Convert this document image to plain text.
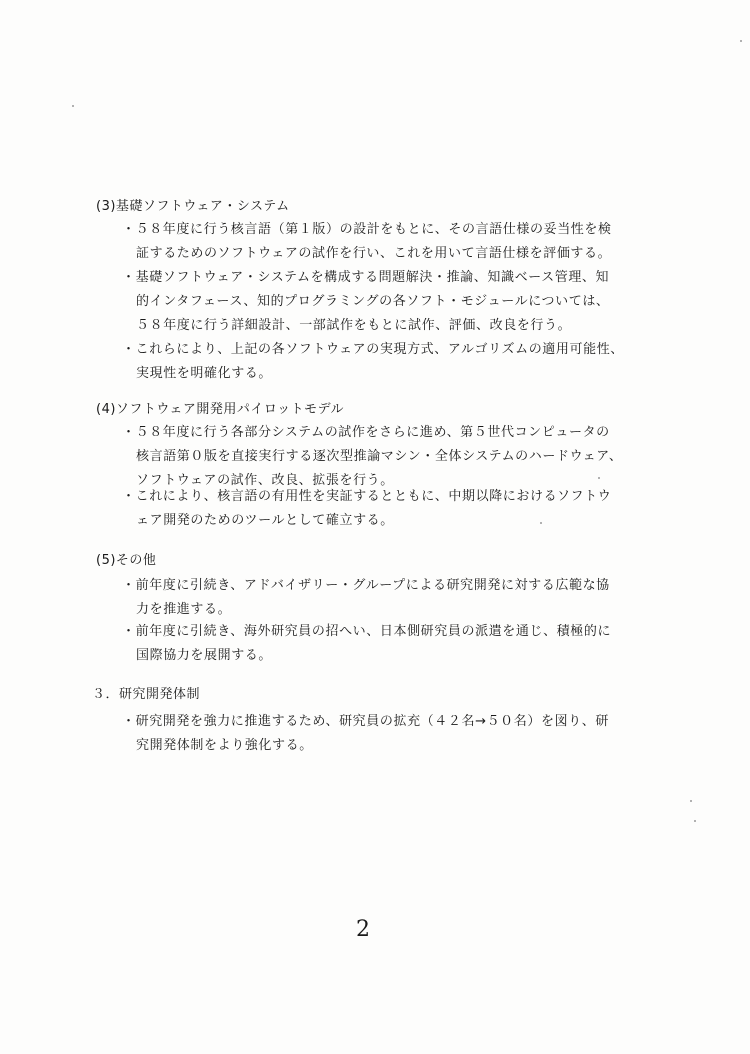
(3)基礎ソフトウェア・システム
・５８年度に行う核言語（第１版）の設計をもとに、その言語仕様の妥当性を検
証するためのソフトウェアの試作を行い、これを用いて言語仕様を評価する。
・基礎ソフトウェア・システムを構成する問題解決・推論、知識ベース管理、知
的インタフェース、知的プログラミングの各ソフト・モジュールについては、
５８年度に行う詳細設計、一部試作をもとに試作、評価、改良を行う。
・これらにより、上記の各ソフトウェアの実現方式、アルゴリズムの適用可能性、
実現性を明確化する。
(4)ソフトウェア開発用パイロットモデル
・５８年度に行う各部分システムの試作をさらに進め、第５世代コンピュータの
核言語第０版を直接実行する逐次型推論マシン・全体システムのハードウェア、
ソフトウェアの試作、改良、拡張を行う。
・これにより、核言語の有用性を実証するとともに、中期以降におけるソフトウ
ェア開発のためのツールとして確立する。
(5)その他
・前年度に引続き、アドバイザリー・グループによる研究開発に対する広範な協
力を推進する。
・前年度に引続き、海外研究員の招へい、日本側研究員の派遣を通じ、積極的に
国際協力を展開する。
３．研究開発体制
・研究開発を強力に推進するため、研究員の拡充（４２名→５０名）を図り、研
究開発体制をより強化する。
2
